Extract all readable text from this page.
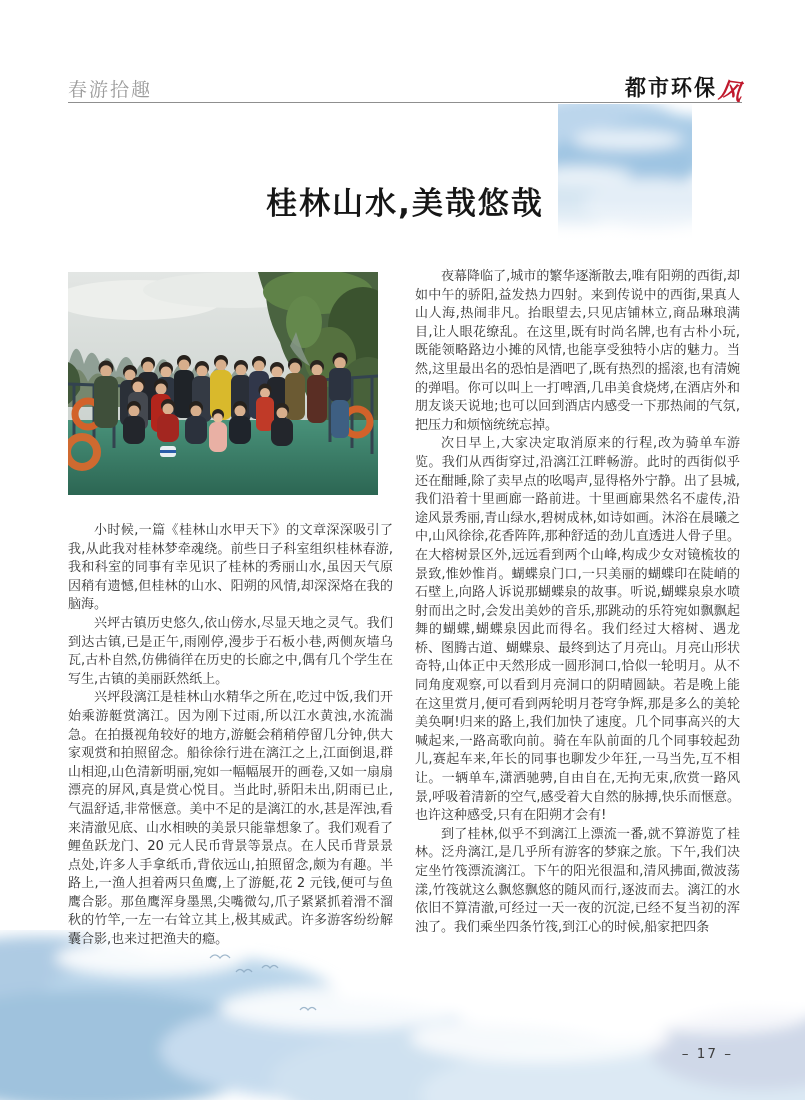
春游拾趣	都市环保 风
桂林山水,美哉悠哉

小时候,一篇《桂林山水甲天下》的文章深深吸引了我,从此我对桂林梦牵魂绕。前些日子科室组织桂林春游,我和科室的同事有幸见识了桂林的秀丽山水,虽因天气原因稍有遗憾,但桂林的山水、阳朔的风情,却深深烙在我的脑海。

兴坪古镇历史悠久,依山傍水,尽显天地之灵气。我们到达古镇,已是正午,雨刚停,漫步于石板小巷,两侧灰墙乌瓦,古朴自然,仿佛徜徉在历史的长廊之中,偶有几个学生在写生,古镇的美丽跃然纸上。

兴坪段漓江是桂林山水精华之所在,吃过中饭,我们开始乘游艇赏漓江。因为刚下过雨,所以江水黄浊,水流湍急。在拍摄视角较好的地方,游艇会稍稍停留几分钟,供大家观赏和拍照留念。船徐徐行进在漓江之上,江面倒退,群山相迎,山色清新明丽,宛如一幅幅展开的画卷,又如一扇扇漂亮的屏风,真是赏心悦目。当此时,骄阳未出,阴雨已止,气温舒适,非常惬意。美中不足的是漓江的水,甚是浑浊,看来清澈见底、山水相映的美景只能靠想象了。我们观看了鲤鱼跃龙门、20 元人民币背景等景点。在人民币背景景点处,许多人手拿纸币,背依远山,拍照留念,颇为有趣。半路上,一渔人担着两只鱼鹰,上了游艇,花 2 元钱,便可与鱼鹰合影。那鱼鹰浑身墨黑,尖嘴微勾,爪子紧紧抓着滑不溜秋的竹竿,一左一右耸立其上,极其威武。许多游客纷纷解囊合影,也来过把渔夫的瘾。

夜幕降临了,城市的繁华逐渐散去,唯有阳朔的西街,却如中午的骄阳,益发热力四射。来到传说中的西街,果真人山人海,热闹非凡。抬眼望去,只见店铺林立,商品琳琅满目,让人眼花缭乱。在这里,既有时尚名牌,也有古朴小玩,既能领略路边小摊的风情,也能享受独特小店的魅力。当然,这里最出名的恐怕是酒吧了,既有热烈的摇滚,也有清婉的弹唱。你可以叫上一打啤酒,几串美食烧烤,在酒店外和朋友谈天说地;也可以回到酒店内感受一下那热闹的气氛,把压力和烦恼统统忘掉。

次日早上,大家决定取消原来的行程,改为骑单车游览。我们从西街穿过,沿漓江江畔畅游。此时的西街似乎还在酣睡,除了卖早点的吆喝声,显得格外宁静。出了县城,我们沿着十里画廊一路前进。十里画廊果然名不虚传,沿途风景秀丽,青山绿水,碧树成林,如诗如画。沐浴在晨曦之中,山风徐徐,花香阵阵,那种舒适的劲儿直透进人骨子里。在大榕树景区外,远远看到两个山峰,构成少女对镜梳妆的景致,惟妙惟肖。蝴蝶泉门口,一只美丽的蝴蝶印在陡峭的石壁上,向路人诉说那蝴蝶泉的故事。听说,蝴蝶泉泉水喷射而出之时,会发出美妙的音乐,那跳动的乐符宛如飘飘起舞的蝴蝶,蝴蝶泉因此而得名。我们经过大榕树、遇龙桥、图腾古道、蝴蝶泉、最终到达了月亮山。月亮山形状奇特,山体正中天然形成一圆形洞口,恰似一轮明月。从不同角度观察,可以看到月亮洞口的阴晴圆缺。若是晚上能在这里赏月,便可看到两轮明月苍穹争辉,那是多么的美轮美奂啊!归来的路上,我们加快了速度。几个同事高兴的大喊起来,一路高歌向前。骑在车队前面的几个同事较起劲儿,赛起车来,年长的同事也聊发少年狂,一马当先,互不相让。一辆单车,潇洒驰骋,自由自在,无拘无束,欣赏一路风景,呼吸着清新的空气,感受着大自然的脉搏,快乐而惬意。也许这种感受,只有在阳朔才会有!

到了桂林,似乎不到漓江上漂流一番,就不算游览了桂林。泛舟漓江,是几乎所有游客的梦寐之旅。下午,我们决定坐竹筏漂流漓江。下午的阳光很温和,清风拂面,微波荡漾,竹筏就这么飘悠飘悠的随风而行,逐波而去。漓江的水依旧不算清澈,可经过一天一夜的沉淀,已经不复当初的浑浊了。我们乘坐四条竹筏,到江心的时候,船家把四条

– 17 –
